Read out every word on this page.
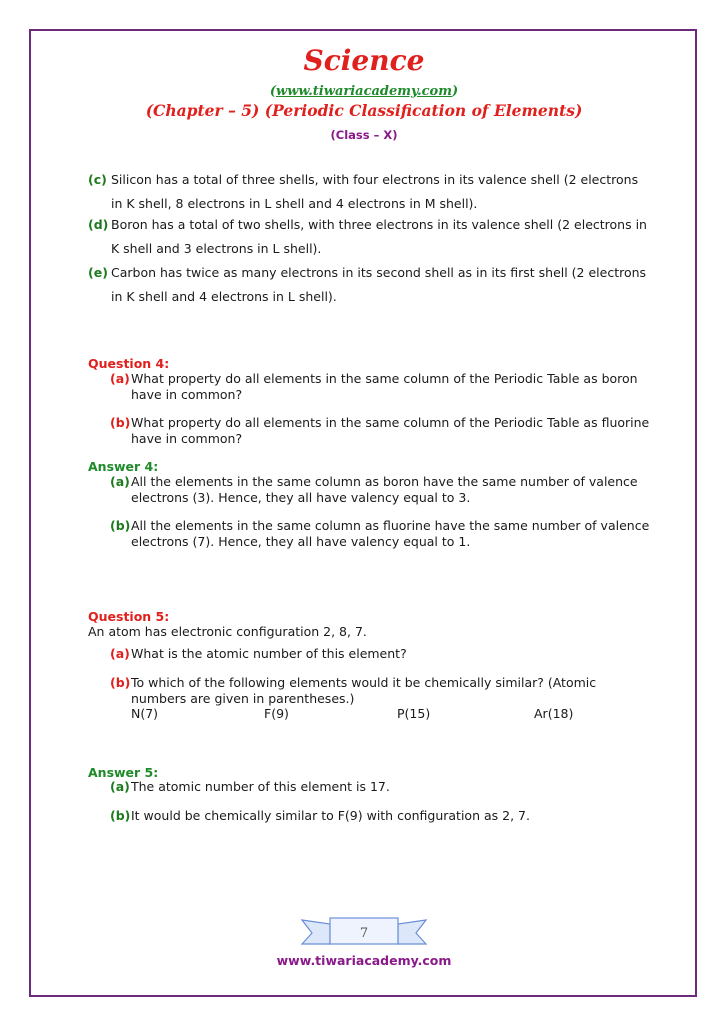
Science
(www.tiwariacademy.com)
(Chapter – 5) (Periodic Classification of Elements)
(Class – X)
(c) Silicon has a total of three shells, with four electrons in its valence shell (2 electrons
in K shell, 8 electrons in L shell and 4 electrons in M shell).
(d) Boron has a total of two shells, with three electrons in its valence shell (2 electrons in
K shell and 3 electrons in L shell).
(e) Carbon has twice as many electrons in its second shell as in its first shell (2 electrons
in K shell and 4 electrons in L shell).
Question 4:
(a) What property do all elements in the same column of the Periodic Table as boron
have in common?
(b) What property do all elements in the same column of the Periodic Table as fluorine
have in common?
Answer 4:
(a) All the elements in the same column as boron have the same number of valence
electrons (3). Hence, they all have valency equal to 3.
(b) All the elements in the same column as fluorine have the same number of valence
electrons (7). Hence, they all have valency equal to 1.
Question 5:
An atom has electronic configuration 2, 8, 7.
(a) What is the atomic number of this element?
(b) To which of the following elements would it be chemically similar? (Atomic
numbers are given in parentheses.)
N(7)	F(9)	P(15)	Ar(18)
Answer 5:
(a) The atomic number of this element is 17.
(b) It would be chemically similar to F(9) with configuration as 2, 7.
7
www.tiwariacademy.com
